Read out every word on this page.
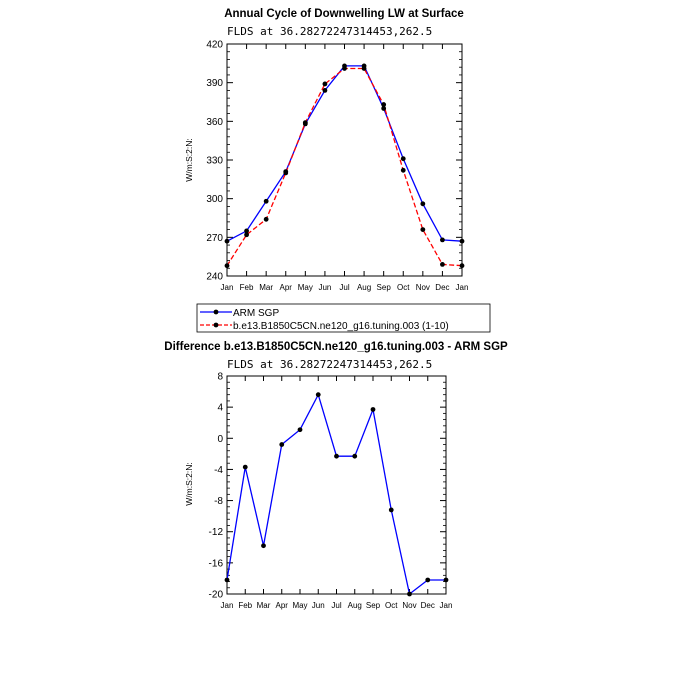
Annual Cycle of Downwelling LW at Surface
FLDS at 36.28272247314453,262.5
240
270
300
330
360
390
420
Jan Feb Mar Apr May Jun Jul Aug Sep Oct Nov Dec Jan
W/m:S:2:N:
ARM SGP
b.e13.B1850C5CN.ne120_g16.tuning.003 (1-10)
Difference b.e13.B1850C5CN.ne120_g16.tuning.003 - ARM SGP
FLDS at 36.28272247314453,262.5
-20
-16
-12
-8
-4
0
4
8
Jan Feb Mar Apr May Jun Jul Aug Sep Oct Nov Dec Jan
W/m:S:2:N:
